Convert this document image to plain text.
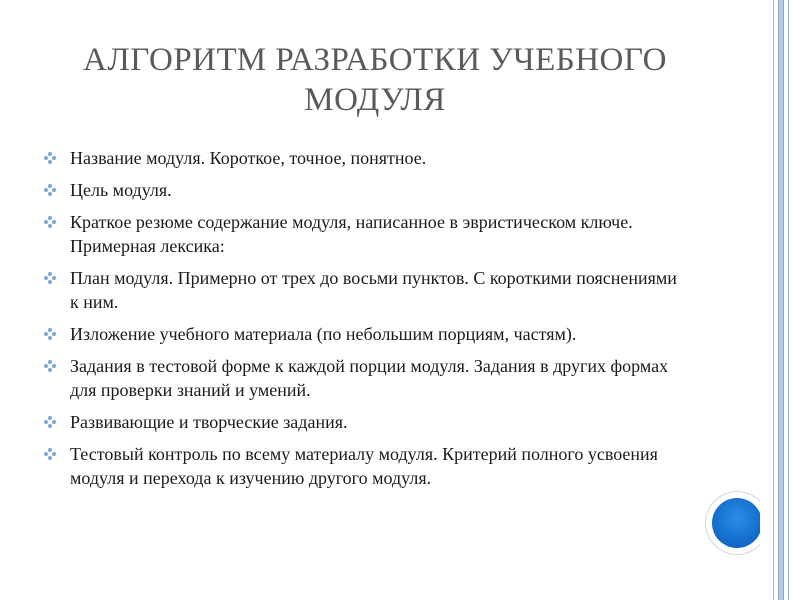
АЛГОРИТМ РАЗРАБОТКИ УЧЕБНОГО МОДУЛЯ
Название модуля. Короткое, точное, понятное.
Цель модуля.
Краткое резюме содержание модуля, написанное в эвристическом ключе. Примерная лексика:
План модуля. Примерно от трех до восьми пунктов. С короткими пояснениями к ним.
Изложение учебного материала (по небольшим порциям, частям).
Задания в тестовой форме к каждой порции модуля. Задания в других формах для проверки знаний и умений.
Развивающие и творческие задания.
Тестовый контроль по всему материалу модуля. Критерий полного усвоения модуля и перехода к изучению другого модуля.
